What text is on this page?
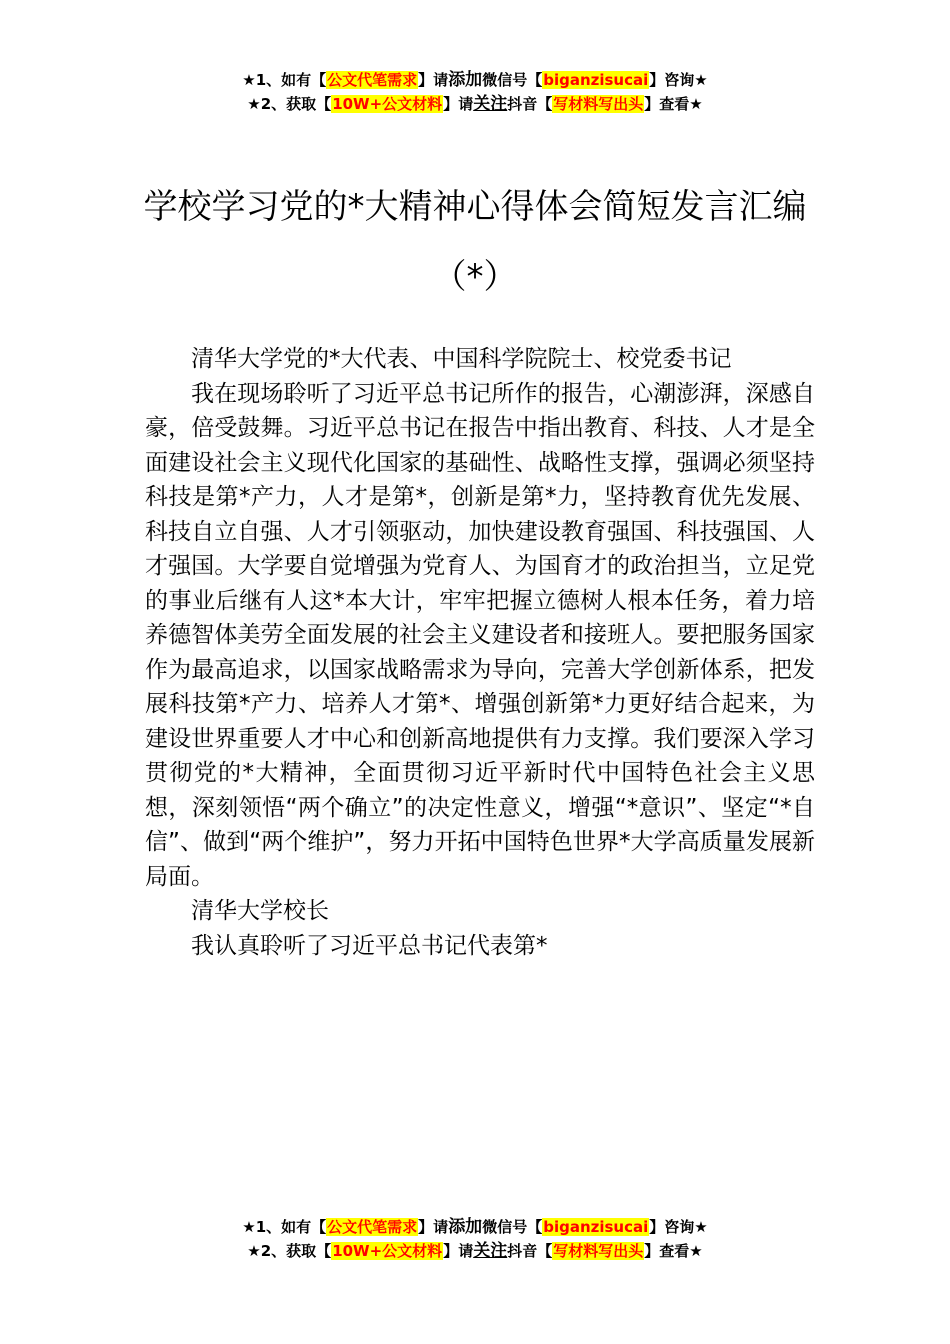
★1、如有【公文代笔需求】请添加微信号【biganzisucai】咨询★
★2、获取【10W+公文材料】请关注抖音【写材料写出头】查看★
学校学习党的*大精神心得体会简短发言汇编（*）

清华大学党的*大代表、中国科学院院士、校党委书记

我在现场聆听了习近平总书记所作的报告，心潮澎湃，深感自豪，倍受鼓舞。习近平总书记在报告中指出教育、科技、人才是全面建设社会主义现代化国家的基础性、战略性支撑，强调必须坚持科技是第*产力，人才是第*，创新是第*力，坚持教育优先发展、科技自立自强、人才引领驱动，加快建设教育强国、科技强国、人才强国。大学要自觉增强为党育人、为国育才的政治担当，立足党的事业后继有人这*本大计，牢牢把握立德树人根本任务，着力培养德智体美劳全面发展的社会主义建设者和接班人。要把服务国家作为最高追求，以国家战略需求为导向，完善大学创新体系，把发展科技第*产力、培养人才第*、增强创新第*力更好结合起来，为建设世界重要人才中心和创新高地提供有力支撑。我们要深入学习贯彻党的*大精神，全面贯彻习近平新时代中国特色社会主义思想，深刻领悟“两个确立”的决定性意义，增强“*意识”、坚定“*自信”、做到“两个维护”，努力开拓中国特色世界*大学高质量发展新局面。

清华大学校长

我认真聆听了习近平总书记代表第*

★1、如有【公文代笔需求】请添加微信号【biganzisucai】咨询★
★2、获取【10W+公文材料】请关注抖音【写材料写出头】查看★
